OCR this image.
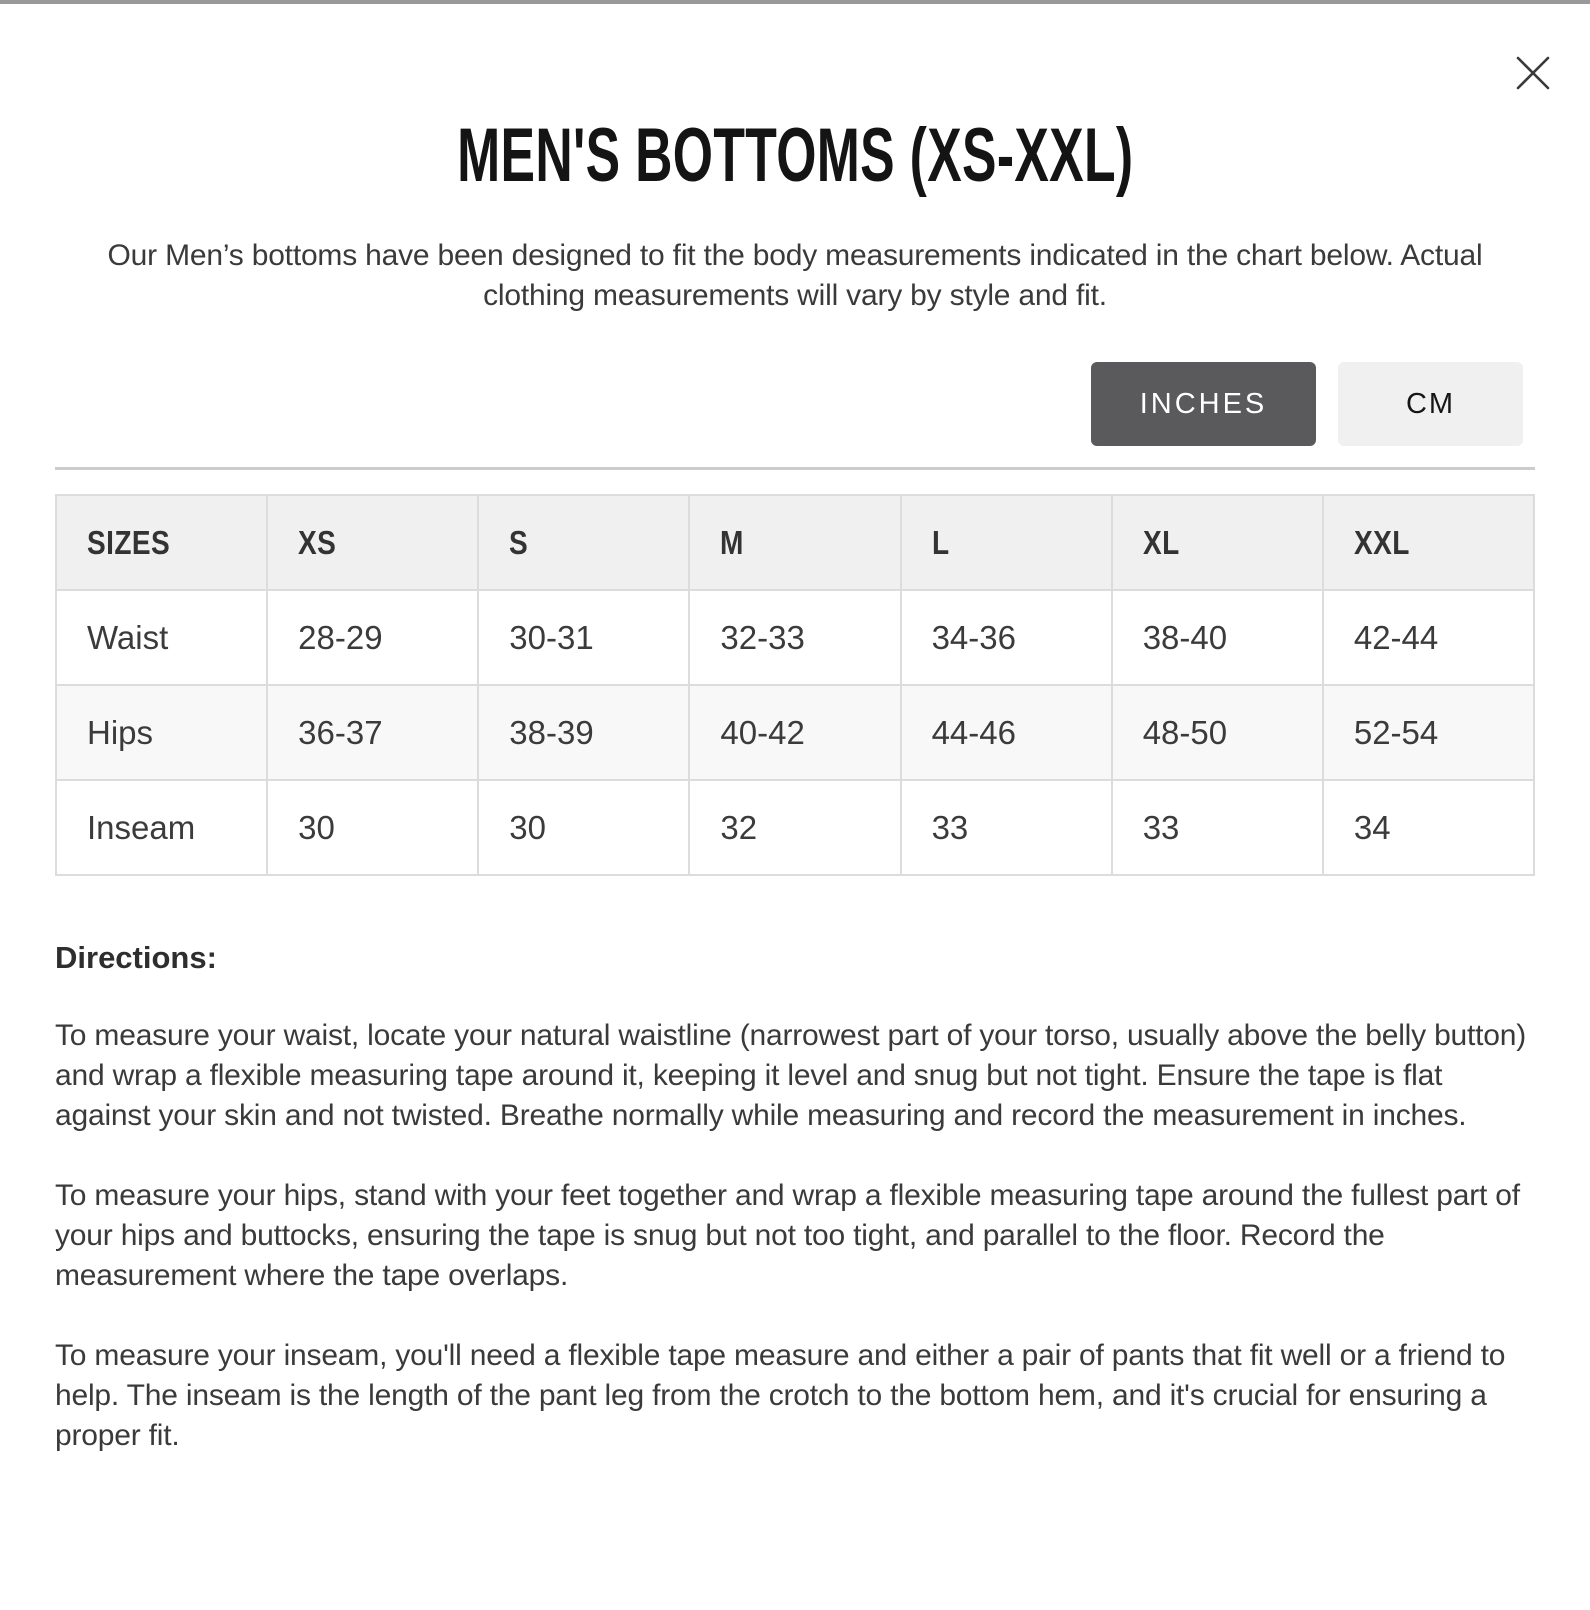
MEN'S BOTTOMS (XS-XXL)

Our Men’s bottoms have been designed to fit the body measurements indicated in the chart below. Actual clothing measurements will vary by style and fit.

INCHES	CM
SIZES	XS	S	M	L	XL	XXL
Waist	28-29	30-31	32-33	34-36	38-40	42-44
Hips	36-37	38-39	40-42	44-46	48-50	52-54
Inseam	30	30	32	33	33	34
Directions:

To measure your waist, locate your natural waistline (narrowest part of your torso, usually above the belly button) and wrap a flexible measuring tape around it, keeping it level and snug but not tight. Ensure the tape is flat against your skin and not twisted. Breathe normally while measuring and record the measurement in inches.

To measure your hips, stand with your feet together and wrap a flexible measuring tape around the fullest part of your hips and buttocks, ensuring the tape is snug but not too tight, and parallel to the floor. Record the measurement where the tape overlaps.

To measure your inseam, you'll need a flexible tape measure and either a pair of pants that fit well or a friend to help. The inseam is the length of the pant leg from the crotch to the bottom hem, and it's crucial for ensuring a proper fit.
